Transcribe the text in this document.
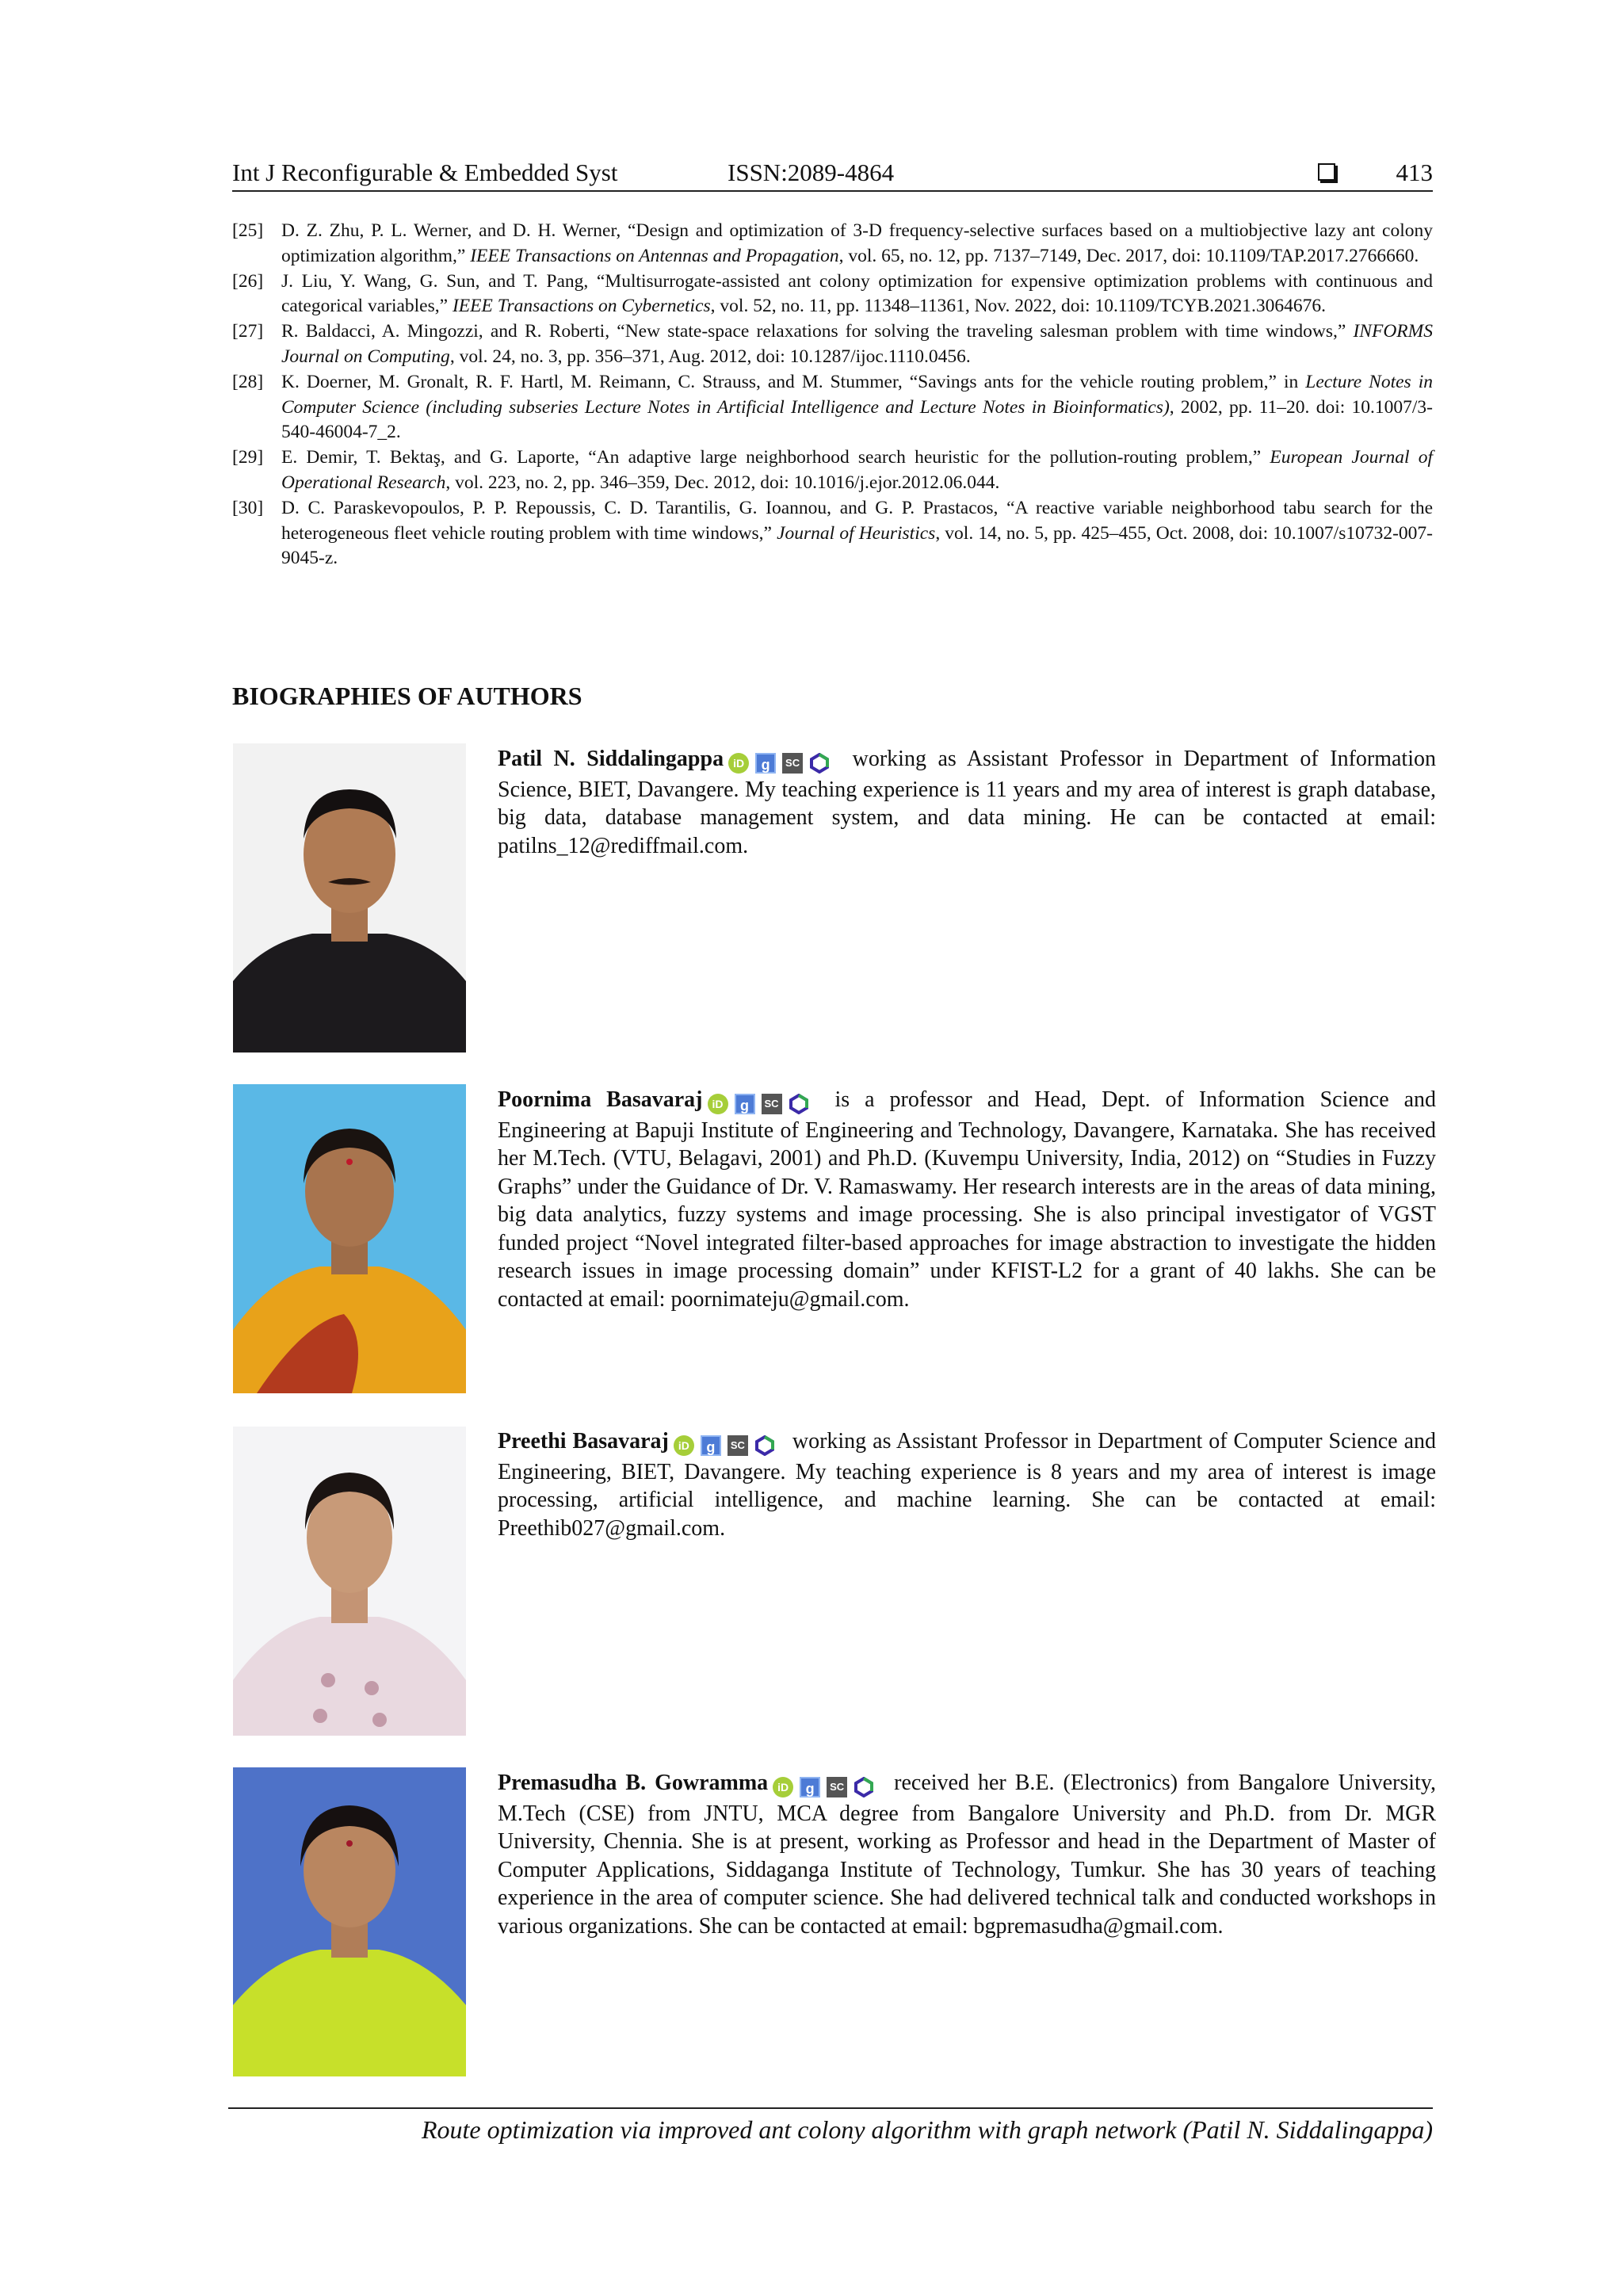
Int J Reconfigurable & Embedded Syst	ISSN:2089-4864	413
[25] D. Z. Zhu, P. L. Werner, and D. H. Werner, “Design and optimization of 3-D frequency-selective surfaces based on a multiobjective lazy ant colony optimization algorithm,” IEEE Transactions on Antennas and Propagation, vol. 65, no. 12, pp. 7137–7149, Dec. 2017, doi: 10.1109/TAP.2017.2766660.
[26] J. Liu, Y. Wang, G. Sun, and T. Pang, “Multisurrogate-assisted ant colony optimization for expensive optimization problems with continuous and categorical variables,” IEEE Transactions on Cybernetics, vol. 52, no. 11, pp. 11348–11361, Nov. 2022, doi: 10.1109/TCYB.2021.3064676.
[27] R. Baldacci, A. Mingozzi, and R. Roberti, “New state-space relaxations for solving the traveling salesman problem with time windows,” INFORMS Journal on Computing, vol. 24, no. 3, pp. 356–371, Aug. 2012, doi: 10.1287/ijoc.1110.0456.
[28] K. Doerner, M. Gronalt, R. F. Hartl, M. Reimann, C. Strauss, and M. Stummer, “Savings ants for the vehicle routing problem,” in Lecture Notes in Computer Science (including subseries Lecture Notes in Artificial Intelligence and Lecture Notes in Bioinformatics), 2002, pp. 11–20. doi: 10.1007/3-540-46004-7_2.
[29] E. Demir, T. Bektaş, and G. Laporte, “An adaptive large neighborhood search heuristic for the pollution-routing problem,” European Journal of Operational Research, vol. 223, no. 2, pp. 346–359, Dec. 2012, doi: 10.1016/j.ejor.2012.06.044.
[30] D. C. Paraskevopoulos, P. P. Repoussis, C. D. Tarantilis, G. Ioannou, and G. P. Prastacos, “A reactive variable neighborhood tabu search for the heterogeneous fleet vehicle routing problem with time windows,” Journal of Heuristics, vol. 14, no. 5, pp. 425–455, Oct. 2008, doi: 10.1007/s10732-007-9045-z.
BIOGRAPHIES OF AUTHORS
Patil N. Siddalingappa iD g SC working as Assistant Professor in Department of Information Science, BIET, Davangere. My teaching experience is 11 years and my area of interest is graph database, big data, database management system, and data mining. He can be contacted at email: patilns_12@rediffmail.com.
Poornima Basavaraj iD g SC	is a professor and Head, Dept. of Information Science and Engineering at Bapuji Institute of Engineering and Technology, Davangere, Karnataka. She has received her M.Tech. (VTU, Belagavi, 2001) and Ph.D. (Kuvempu University, India, 2012) on “Studies in Fuzzy Graphs” under the Guidance of Dr. V. Ramaswamy. Her research interests are in the areas of data mining, big data analytics, fuzzy systems and image processing. She is also principal investigator of VGST funded project “Novel integrated filter-based approaches for image abstraction to investigate the hidden research issues in image processing domain” under KFIST-L2 for a grant of 40 lakhs. She can be contacted at email: poornimateju@gmail.com.
Preethi Basavaraj iD g SC working as Assistant Professor in Department of Computer Science and Engineering, BIET, Davangere. My teaching experience is 8 years and my area of interest is image processing, artificial intelligence, and machine learning. She can be contacted at email: Preethib027@gmail.com.
Premasudha B. Gowramma iD g SC received her B.E. (Electronics) from Bangalore University, M.Tech (CSE) from JNTU, MCA degree from Bangalore University and Ph.D. from Dr. MGR University, Chennia. She is at present, working as Professor and head in the Department of Master of Computer Applications, Siddaganga Institute of Technology, Tumkur. She has 30 years of teaching experience in the area of computer science. She had delivered technical talk and conducted workshops in various organizations. She can be contacted at email: bgpremasudha@gmail.com.
Route optimization via improved ant colony algorithm with graph network (Patil N. Siddalingappa)
